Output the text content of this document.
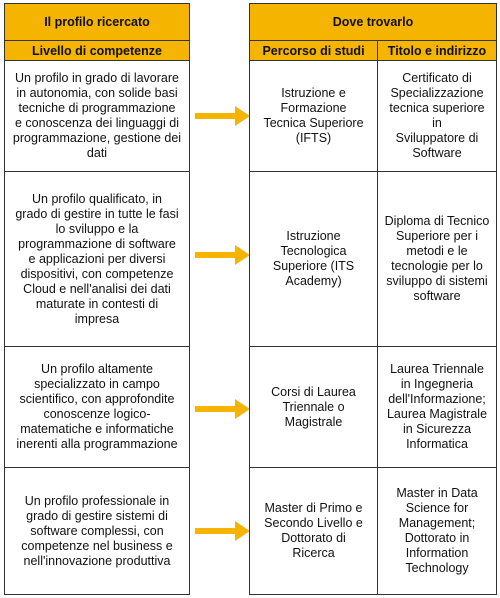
Il profilo ricercato
Livello di competenze
Un profilo in grado di lavorare
in autonomia, con solide basi
tecniche di programmazione
e conoscenza dei linguaggi di
programmazione, gestione dei
dati
Un profilo qualificato, in
grado di gestire in tutte le fasi
lo sviluppo e la
programmazione di software
e applicazioni per diversi
dispositivi, con competenze
Cloud e nell'analisi dei dati
maturate in contesti di
impresa
Un profilo altamente
specializzato in campo
scientifico, con approfondite
conoscenze logico-
matematiche e informatiche
inerenti alla programmazione
Un profilo professionale in
grado di gestire sistemi di
software complessi, con
competenze nel business e
nell'innovazione produttiva
Dove trovarlo
Percorso di studi	Titolo e indirizzo
Istruzione e
Formazione
Tecnica Superiore
(IFTS)
Certificato di
Specializzazione
tecnica superiore in
Sviluppatore di
Software
Istruzione
Tecnologica
Superiore (ITS
Academy)
Diploma di Tecnico
Superiore per i
metodi e le
tecnologie per lo
sviluppo di sistemi
software
Corsi di Laurea
Triennale o
Magistrale
Laurea Triennale
in Ingegneria
dell'Informazione;
Laurea Magistrale
in Sicurezza
Informatica
Master di Primo e
Secondo Livello e
Dottorato di
Ricerca
Master in Data
Science for
Management;
Dottorato in
Information
Technology
